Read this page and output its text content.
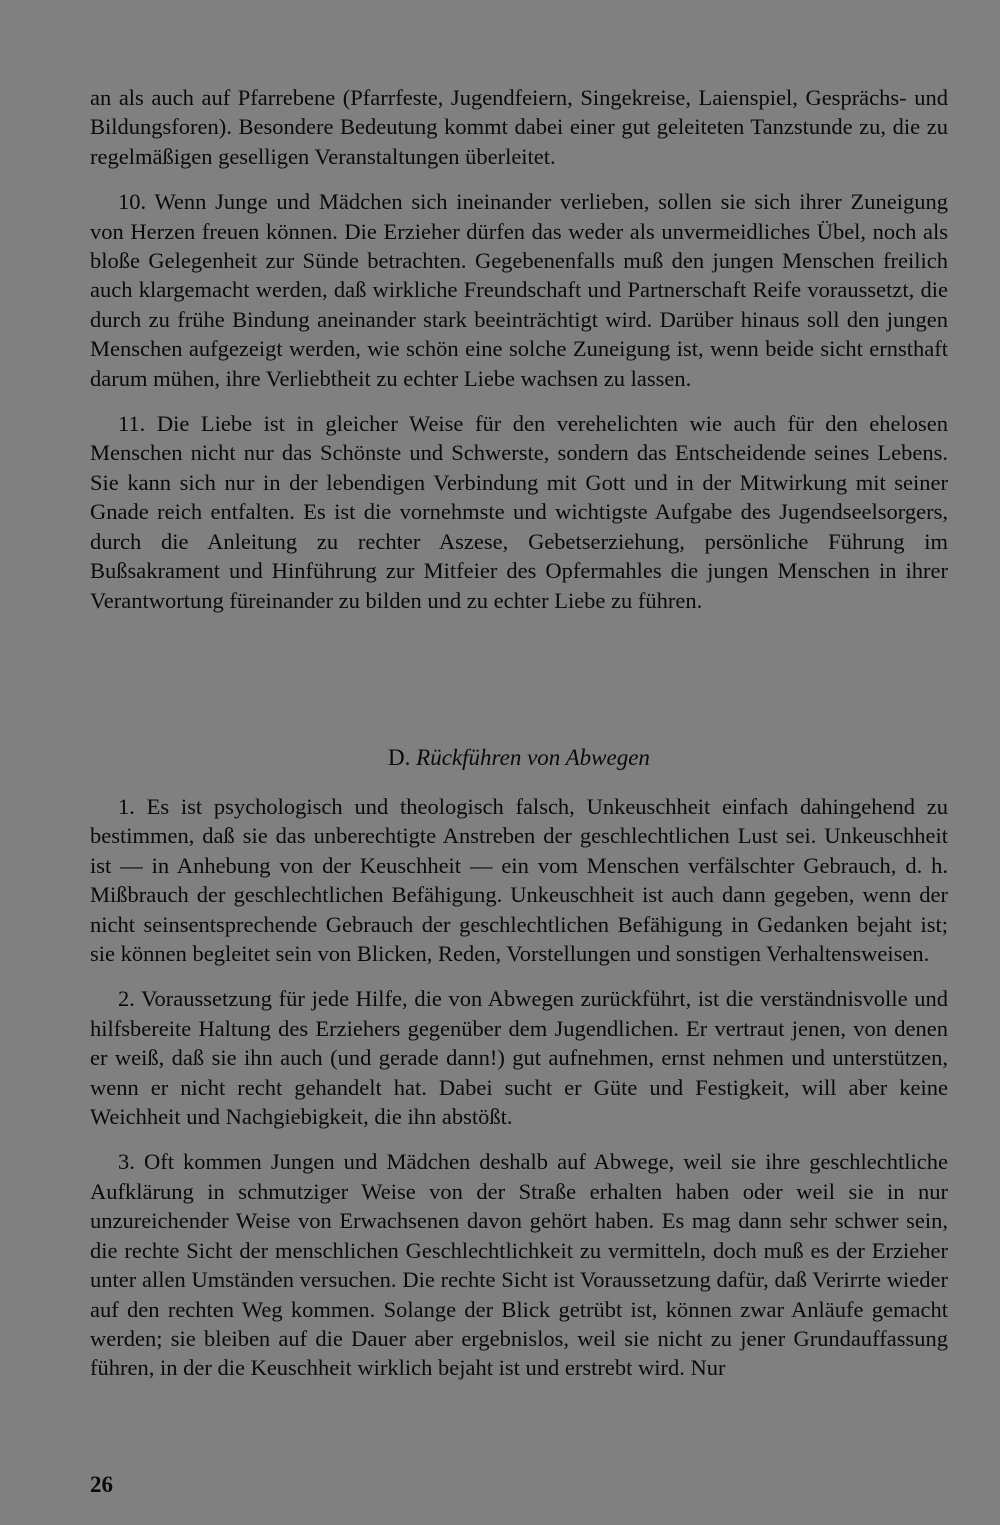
an als auch auf Pfarrebene (Pfarrfeste, Jugendfeiern, Singekreise, Laienspiel, Gesprächs- und Bildungsforen). Besondere Bedeutung kommt dabei einer gut geleiteten Tanzstunde zu, die zu regelmäßigen geselligen Veranstaltungen überleitet.

10. Wenn Junge und Mädchen sich ineinander verlieben, sollen sie sich ihrer Zuneigung von Herzen freuen können. Die Erzieher dürfen das weder als unvermeidliches Übel, noch als bloße Gelegenheit zur Sünde betrachten. Gegebenenfalls muß den jungen Menschen freilich auch klargemacht werden, daß wirkliche Freundschaft und Partnerschaft Reife voraussetzt, die durch zu frühe Bindung aneinander stark beeinträchtigt wird. Darüber hinaus soll den jungen Menschen aufgezeigt werden, wie schön eine solche Zuneigung ist, wenn beide sicht ernsthaft darum mühen, ihre Verliebtheit zu echter Liebe wachsen zu lassen.

11. Die Liebe ist in gleicher Weise für den verehelichten wie auch für den ehelosen Menschen nicht nur das Schönste und Schwerste, sondern das Entscheidende seines Lebens. Sie kann sich nur in der lebendigen Verbindung mit Gott und in der Mitwirkung mit seiner Gnade reich entfalten. Es ist die vornehmste und wichtigste Aufgabe des Jugendseelsorgers, durch die Anleitung zu rechter Aszese, Gebetserziehung, persönliche Führung im Bußsakrament und Hinführung zur Mitfeier des Opfermahles die jungen Menschen in ihrer Verantwortung füreinander zu bilden und zu echter Liebe zu führen.

D. Rückführen von Abwegen

1. Es ist psychologisch und theologisch falsch, Unkeuschheit einfach dahingehend zu bestimmen, daß sie das unberechtigte Anstreben der geschlechtlichen Lust sei. Unkeuschheit ist — in Anhebung von der Keuschheit — ein vom Menschen verfälschter Gebrauch, d. h. Mißbrauch der geschlechtlichen Befähigung. Unkeuschheit ist auch dann gegeben, wenn der nicht seinsentsprechende Gebrauch der geschlechtlichen Befähigung in Gedanken bejaht ist; sie können begleitet sein von Blicken, Reden, Vorstellungen und sonstigen Verhaltensweisen.

2. Voraussetzung für jede Hilfe, die von Abwegen zurückführt, ist die verständnisvolle und hilfsbereite Haltung des Erziehers gegenüber dem Jugendlichen. Er vertraut jenen, von denen er weiß, daß sie ihn auch (und gerade dann!) gut aufnehmen, ernst nehmen und unterstützen, wenn er nicht recht gehandelt hat. Dabei sucht er Güte und Festigkeit, will aber keine Weichheit und Nachgiebigkeit, die ihn abstößt.

3. Oft kommen Jungen und Mädchen deshalb auf Abwege, weil sie ihre geschlechtliche Aufklärung in schmutziger Weise von der Straße erhalten haben oder weil sie in nur unzureichender Weise von Erwachsenen davon gehört haben. Es mag dann sehr schwer sein, die rechte Sicht der menschlichen Geschlechtlichkeit zu vermitteln, doch muß es der Erzieher unter allen Umständen versuchen. Die rechte Sicht ist Voraussetzung dafür, daß Verirrte wieder auf den rechten Weg kommen. Solange der Blick getrübt ist, können zwar Anläufe gemacht werden; sie bleiben auf die Dauer aber ergebnislos, weil sie nicht zu jener Grundauffassung führen, in der die Keuschheit wirklich bejaht ist und erstrebt wird. Nur

26
